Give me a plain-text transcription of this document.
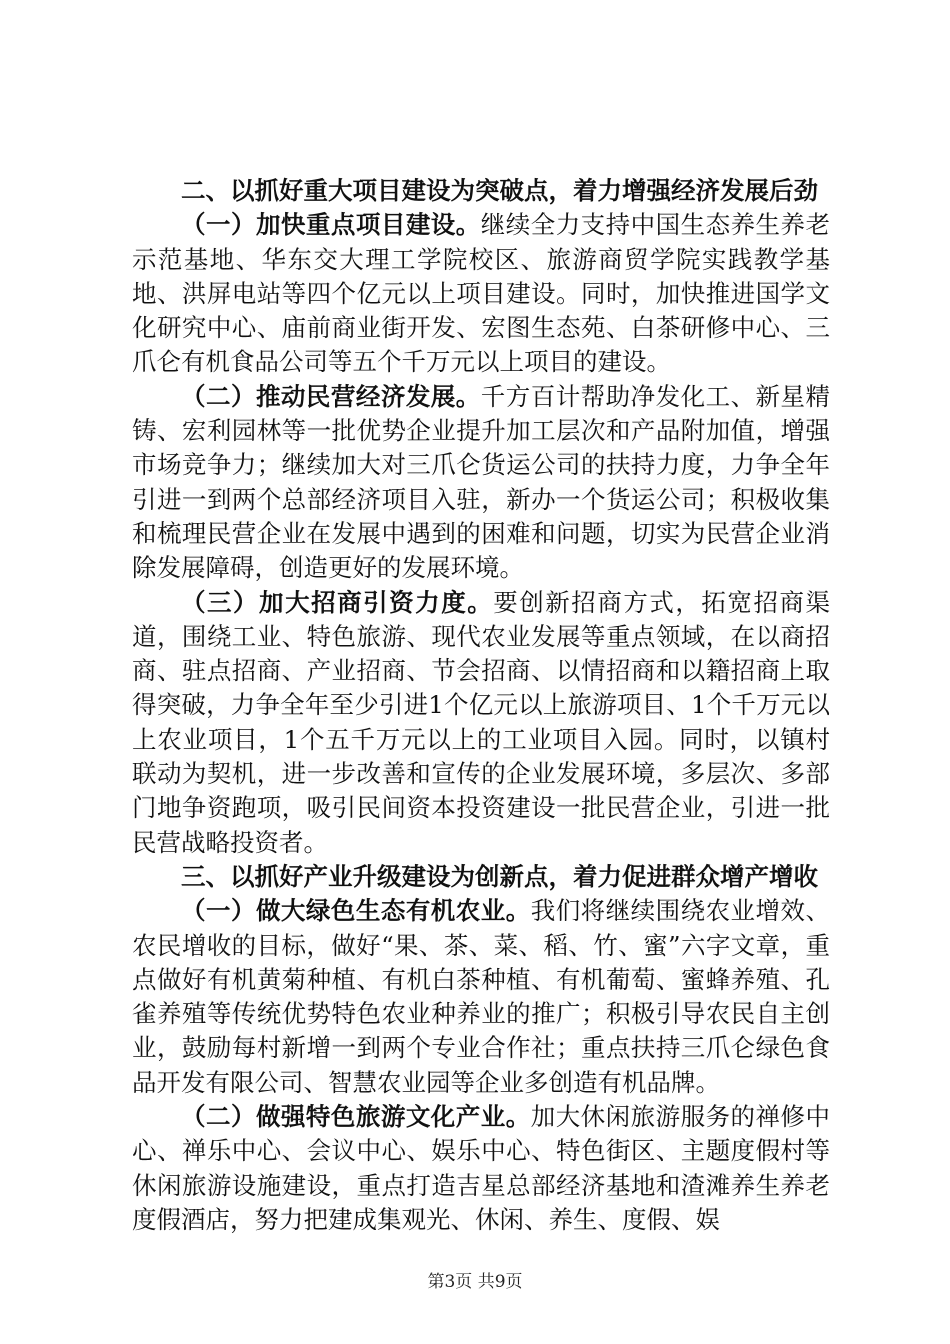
二、以抓好重大项目建设为突破点，着力增强经济发展后劲

（一）加快重点项目建设。继续全力支持中国生态养生养老示范基地、华东交大理工学院校区、旅游商贸学院实践教学基地、洪屏电站等四个亿元以上项目建设。同时，加快推进国学文化研究中心、庙前商业街开发、宏图生态苑、白茶研修中心、三爪仑有机食品公司等五个千万元以上项目的建设。

（二）推动民营经济发展。千方百计帮助净发化工、新星精铸、宏利园林等一批优势企业提升加工层次和产品附加值，增强市场竞争力；继续加大对三爪仑货运公司的扶持力度，力争全年引进一到两个总部经济项目入驻，新办一个货运公司；积极收集和梳理民营企业在发展中遇到的困难和问题，切实为民营企业消除发展障碍，创造更好的发展环境。

（三）加大招商引资力度。要创新招商方式，拓宽招商渠道，围绕工业、特色旅游、现代农业发展等重点领域，在以商招商、驻点招商、产业招商、节会招商、以情招商和以籍招商上取得突破，力争全年至少引进1个亿元以上旅游项目、1个千万元以上农业项目，1个五千万元以上的工业项目入园。同时，以镇村联动为契机，进一步改善和宣传的企业发展环境，多层次、多部门地争资跑项，吸引民间资本投资建设一批民营企业，引进一批民营战略投资者。

三、以抓好产业升级建设为创新点，着力促进群众增产增收

（一）做大绿色生态有机农业。我们将继续围绕农业增效、农民增收的目标，做好“果、茶、菜、稻、竹、蜜”六字文章，重点做好有机黄菊种植、有机白茶种植、有机葡萄、蜜蜂养殖、孔雀养殖等传统优势特色农业种养业的推广；积极引导农民自主创业，鼓励每村新增一到两个专业合作社；重点扶持三爪仑绿色食品开发有限公司、智慧农业园等企业多创造有机品牌。

（二）做强特色旅游文化产业。加大休闲旅游服务的禅修中心、禅乐中心、会议中心、娱乐中心、特色街区、主题度假村等休闲旅游设施建设，重点打造吉星总部经济基地和渣滩养生养老度假酒店，努力把建成集观光、休闲、养生、度假、娱

第3页 共9页
